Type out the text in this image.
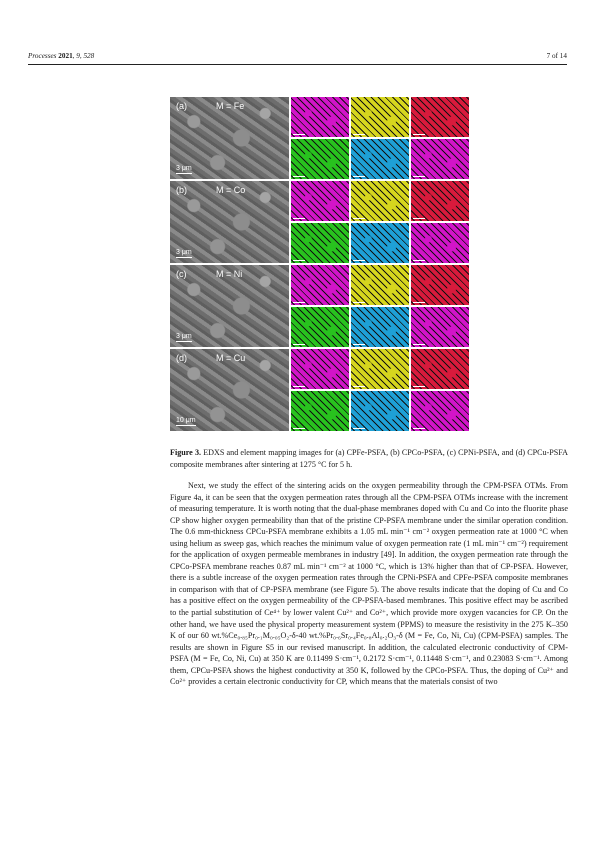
Processes 2021, 9, 528	7 of 14
(a)	M = Fe
3 μm
(b)	M = Co
3 μm
(c)	M = Ni
3 μm
(d)	M = Cu
10 μm
Figure 3. EDXS and element mapping images for (a) CPFe-PSFA, (b) CPCo-PSFA, (c) CPNi-PSFA, and (d) CPCu-PSFA composite membranes after sintering at 1275 °C for 5 h.

Next, we study the effect of the sintering acids on the oxygen permeability through the CPM-PSFA OTMs. From Figure 4a, it can be seen that the oxygen permeation rates through all the CPM-PSFA OTMs increase with the increment of measuring temperature. It is worth noting that the dual-phase membranes doped with Cu and Co into the fluorite phase CP show higher oxygen permeability than that of the pristine CP-PSFA membrane under the similar operation condition. The 0.6 mm-thickness CPCu-PSFA membrane exhibits a 1.05 mL min⁻¹ cm⁻² oxygen permeation rate at 1000 °C when using helium as sweep gas, which reaches the minimum value of oxygen permeation rate (1 mL min⁻¹ cm⁻²) requirement for the application of oxygen permeable membranes in industry [49]. In addition, the oxygen permeation rate through the CPCo-PSFA membrane reaches 0.87 mL min⁻¹ cm⁻² at 1000 °C, which is 13% higher than that of CP-PSFA. However, there is a subtle increase of the oxygen permeation rates through the CPNi-PSFA and CPFe-PSFA composite membranes in comparison with that of CP-PSFA membrane (see Figure 5). The above results indicate that the doping of Cu and Co has a positive effect on the oxygen permeability of the CP-PSFA-based membranes. This positive effect may be ascribed to the partial substitution of Ce⁴⁺ by lower valent Cu²⁺ and Co²⁺, which provide more oxygen vacancies for CP. On the other hand, we have used the physical property measurement system (PPMS) to measure the resistivity in the 275 K–350 K of our 60 wt.%Ce₀.₈₅Pr₀.₁M₀.₀₅O₂-δ-40 wt.%Pr₀.₆Sr₀.₄Fe₀.₈Al₀.₂O₃-δ (M = Fe, Co, Ni, Cu) (CPM-PSFA) samples. The results are shown in Figure S5 in our revised manuscript. In addition, the calculated electronic conductivity of CPM-PSFA (M = Fe, Co, Ni, Cu) at 350 K are 0.11499 S·cm⁻¹, 0.2172 S·cm⁻¹, 0.11448 S·cm⁻¹, and 0.23083 S·cm⁻¹. Among them, CPCu-PSFA shows the highest conductivity at 350 K, followed by the CPCo-PSFA. Thus, the doping of Cu²⁺ and Co²⁺ provides a certain electronic conductivity for CP, which means that the materials consist of two
